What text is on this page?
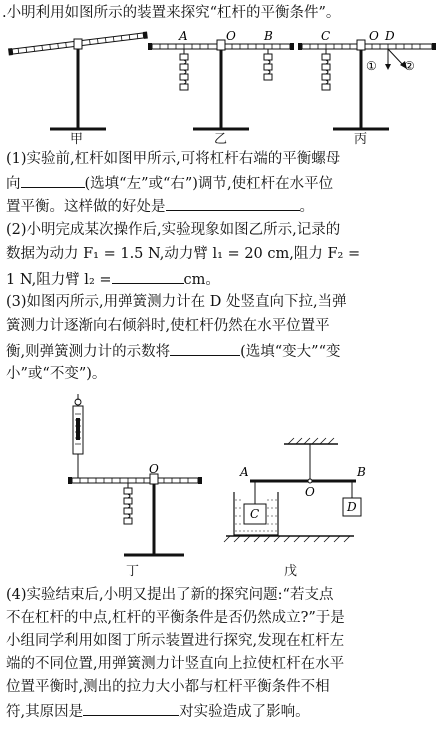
.小明利用如图所示的装置来探究“杠杆的平衡条件”。
A	O B	C	O D
① ②
甲	乙	丙
(1)实验前,杠杆如图甲所示,可将杠杆右端的平衡螺母
向	(选填“左”或“右”)调节,使杠杆在水平位
置平衡。这样做的好处是	。
(2)小明完成某次操作后,实验现象如图乙所示,记录的
数据为动力 F₁ = 1.5 N,动力臂 l₁ = 20 cm,阻力 F₂ =
1 N,阻力臂 l₂ =	cm。
(3)如图丙所示,用弹簧测力计在 D 处竖直向下拉,当弹
簧测力计逐渐向右倾斜时,使杠杆仍然在水平位置平
衡,则弹簧测力计的示数将	(选填“变大”“变
小”或“不变”)。
O	A
O
B
C	D
丁	戊
(4)实验结束后,小明又提出了新的探究问题:“若支点
不在杠杆的中点,杠杆的平衡条件是否仍然成立?”于是
小组同学利用如图丁所示装置进行探究,发现在杠杆左
端的不同位置,用弹簧测力计竖直向上拉使杠杆在水平
位置平衡时,测出的拉力大小都与杠杆平衡条件不相
符,其原因是	对实验造成了影响。
